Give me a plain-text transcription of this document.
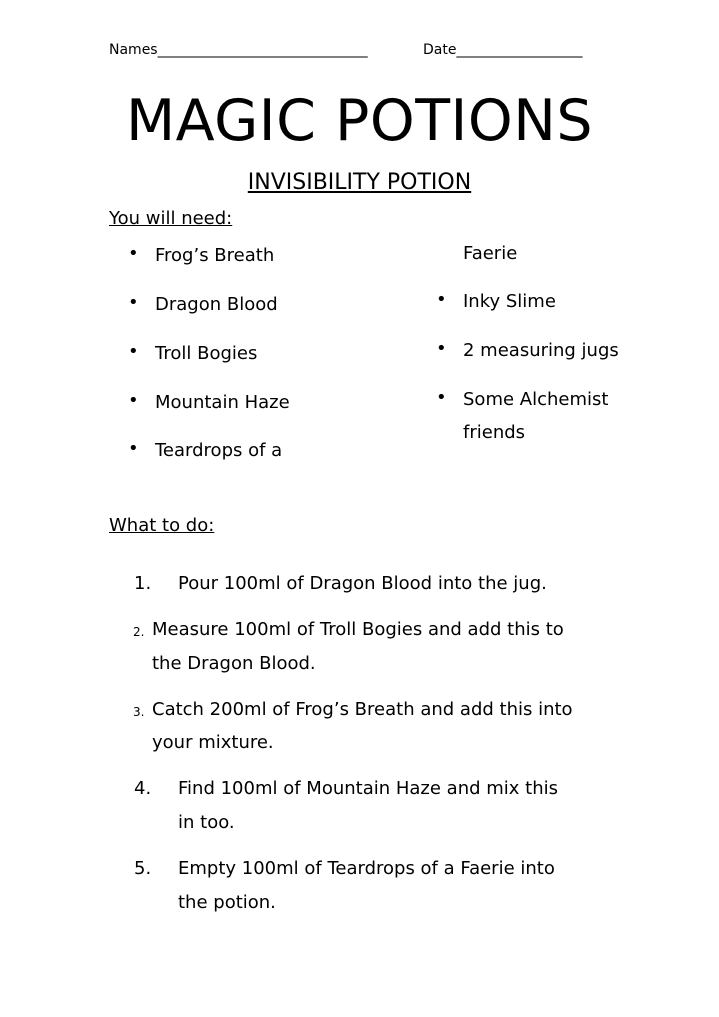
Names______________________________	Date__________________
MAGIC POTIONS
INVISIBILITY POTION
You will need:
• Frog’s Breath
• Dragon Blood
• Troll Bogies
• Mountain Haze
• Teardrops of a
Faerie
• Inky Slime
• 2 measuring jugs
• Some Alchemist
friends
What to do:
1. Pour 100ml of Dragon Blood into the jug.
2. Measure 100ml of Troll Bogies and add this to
the Dragon Blood.
3. Catch 200ml of Frog’s Breath and add this into
your mixture.
4. Find 100ml of Mountain Haze and mix this
in too.
5. Empty 100ml of Teardrops of a Faerie into
the potion.
